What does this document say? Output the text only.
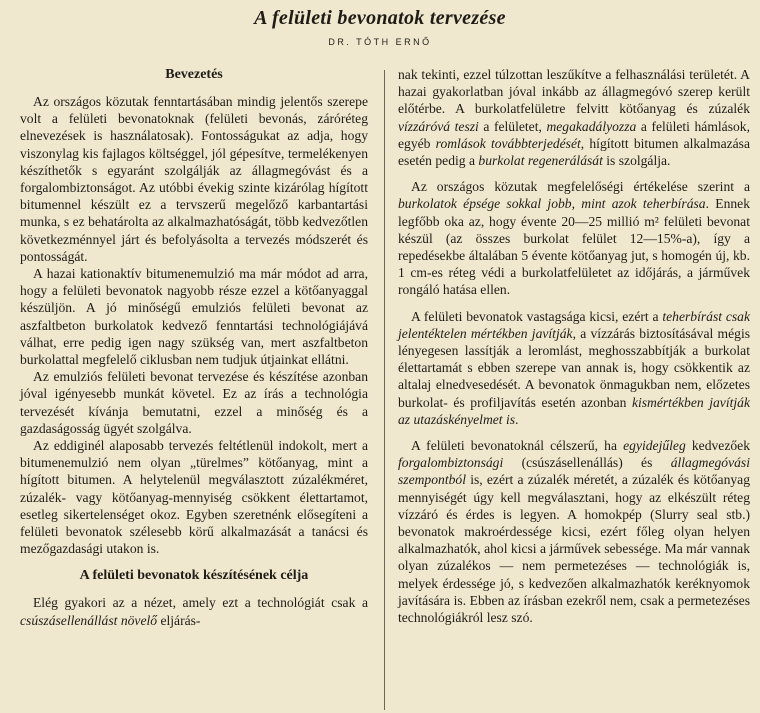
A felületi bevonatok tervezése
DR. TÓTH ERNŐ
Bevezetés

Az országos közutak fenntartásában mindig jelentős szerepe volt a felületi bevonatoknak (felületi bevonás, záróréteg elnevezések is használatosak). Fontosságukat az adja, hogy viszonylag kis fajlagos költséggel, jól gépesítve, termelékenyen készíthetők s egyaránt szolgálják az állagmegóvást és a forgalombiztonságot. Az utóbbi évekig szinte kizárólag hígított bitumennel készült ez a tervszerű megelőző karbantartási munka, s ez behatárolta az alkalmazhatóságát, több kedvezőtlen következménnyel járt és befolyásolta a tervezés módszerét és pontosságát.

A hazai kationaktív bitumenemulzió ma már módot ad arra, hogy a felületi bevonatok nagyobb része ezzel a kötőanyaggal készüljön. A jó minőségű emulziós felületi bevonat az aszfaltbeton burkolatok kedvező fenntartási technológiájává válhat, erre pedig igen nagy szükség van, mert aszfaltbeton burkolattal megfelelő ciklusban nem tudjuk útjainkat ellátni.

Az emulziós felületi bevonat tervezése és készítése azonban jóval igényesebb munkát követel. Ez az írás a technológia tervezését kívánja bemutatni, ezzel a minőség és a gazdaságosság ügyét szolgálva.

Az eddiginél alaposabb tervezés feltétlenül indokolt, mert a bitumenemulzió nem olyan „türelmes” kötőanyag, mint a hígított bitumen. A helytelenül megválasztott zúzalékméret, zúzalék- vagy kötőanyag-mennyiség csökkent élettartamot, esetleg sikertelenséget okoz. Egyben szeretnénk elősegíteni a felületi bevonatok szélesebb körű alkalmazását a tanácsi és mezőgazdasági utakon is.

A felületi bevonatok készítésének célja

Elég gyakori az a nézet, amely ezt a technológiát csak a csúszásellenállást növelő eljárás-

nak tekinti, ezzel túlzottan leszűkítve a felhasználási területét. A hazai gyakorlatban jóval inkább az állagmegóvó szerep került előtérbe. A burkolatfelületre felvitt kötőanyag és zúzalék vízzáróvá teszi a felületet, megakadályozza a felületi hámlások, egyéb romlások továbbterjedését, hígított bitumen alkalmazása esetén pedig a burkolat regenerálását is szolgálja.

Az országos közutak megfelelőségi értékelése szerint a burkolatok épsége sokkal jobb, mint azok teherbírása. Ennek legfőbb oka az, hogy évente 20—25 millió m² felületi bevonat készül (az összes burkolat felület 12—15%-a), így a repedésekbe általában 5 évente kötőanyag jut, s homogén új, kb. 1 cm-es réteg védi a burkolatfelületet az időjárás, a járművek rongáló hatása ellen.

A felületi bevonatok vastagsága kicsi, ezért a teherbírást csak jelentéktelen mértékben javítják, a vízzárás biztosításával mégis lényegesen lassítják a leromlást, meghosszabbítják a burkolat élettartamát s ebben szerepe van annak is, hogy csökkentik az altalaj elnedvesedését. A bevonatok önmagukban nem, előzetes burkolat- és profiljavítás esetén azonban kismértékben javítják az utazáskényelmet is.

A felületi bevonatoknál célszerű, ha egyidejűleg kedvezőek forgalombiztonsági (csúszásellenállás) és állagmegóvási szempontból is, ezért a zúzalék méretét, a zúzalék és kötőanyag mennyiségét úgy kell megválasztani, hogy az elkészült réteg vízzáró és érdes is legyen. A homokpép (Slurry seal stb.) bevonatok makroérdessége kicsi, ezért főleg olyan helyen alkalmazhatók, ahol kicsi a járművek sebessége. Ma már vannak olyan zúzalékos — nem permetezéses — technológiák is, melyek érdessége jó, s kedvezően alkalmazhatók keréknyomok javítására is. Ebben az írásban ezekről nem, csak a permetezéses technológiákról lesz szó.
